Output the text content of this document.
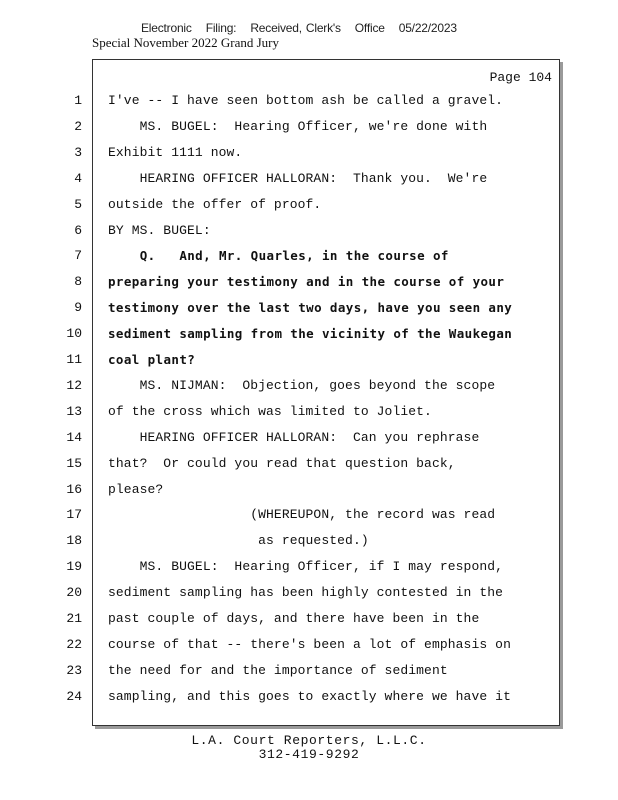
Electronic Filing: Received, Clerk's Office 05/22/2023
Special November 2022 Grand Jury
Page 104
1 I've -- I have seen bottom ash be called a gravel.
2 MS. BUGEL:  Hearing Officer, we're done with
3 Exhibit 1111 now.
4 HEARING OFFICER HALLORAN:  Thank you.  We're
5 outside the offer of proof.
6 BY MS. BUGEL:
7 Q.   And, Mr. Quarles, in the course of
8 preparing your testimony and in the course of your
9 testimony over the last two days, have you seen any
10 sediment sampling from the vicinity of the Waukegan
11 coal plant?
12 MS. NIJMAN:  Objection, goes beyond the scope
13 of the cross which was limited to Joliet.
14 HEARING OFFICER HALLORAN:  Can you rephrase
15 that?  Or could you read that question back,
16 please?
17 (WHEREUPON, the record was read
18 as requested.)
19 MS. BUGEL:  Hearing Officer, if I may respond,
20 sediment sampling has been highly contested in the
21 past couple of days, and there have been in the
22 course of that -- there's been a lot of emphasis on
23 the need for and the importance of sediment
24 sampling, and this goes to exactly where we have it
L.A. Court Reporters, L.L.C.
312-419-9292
